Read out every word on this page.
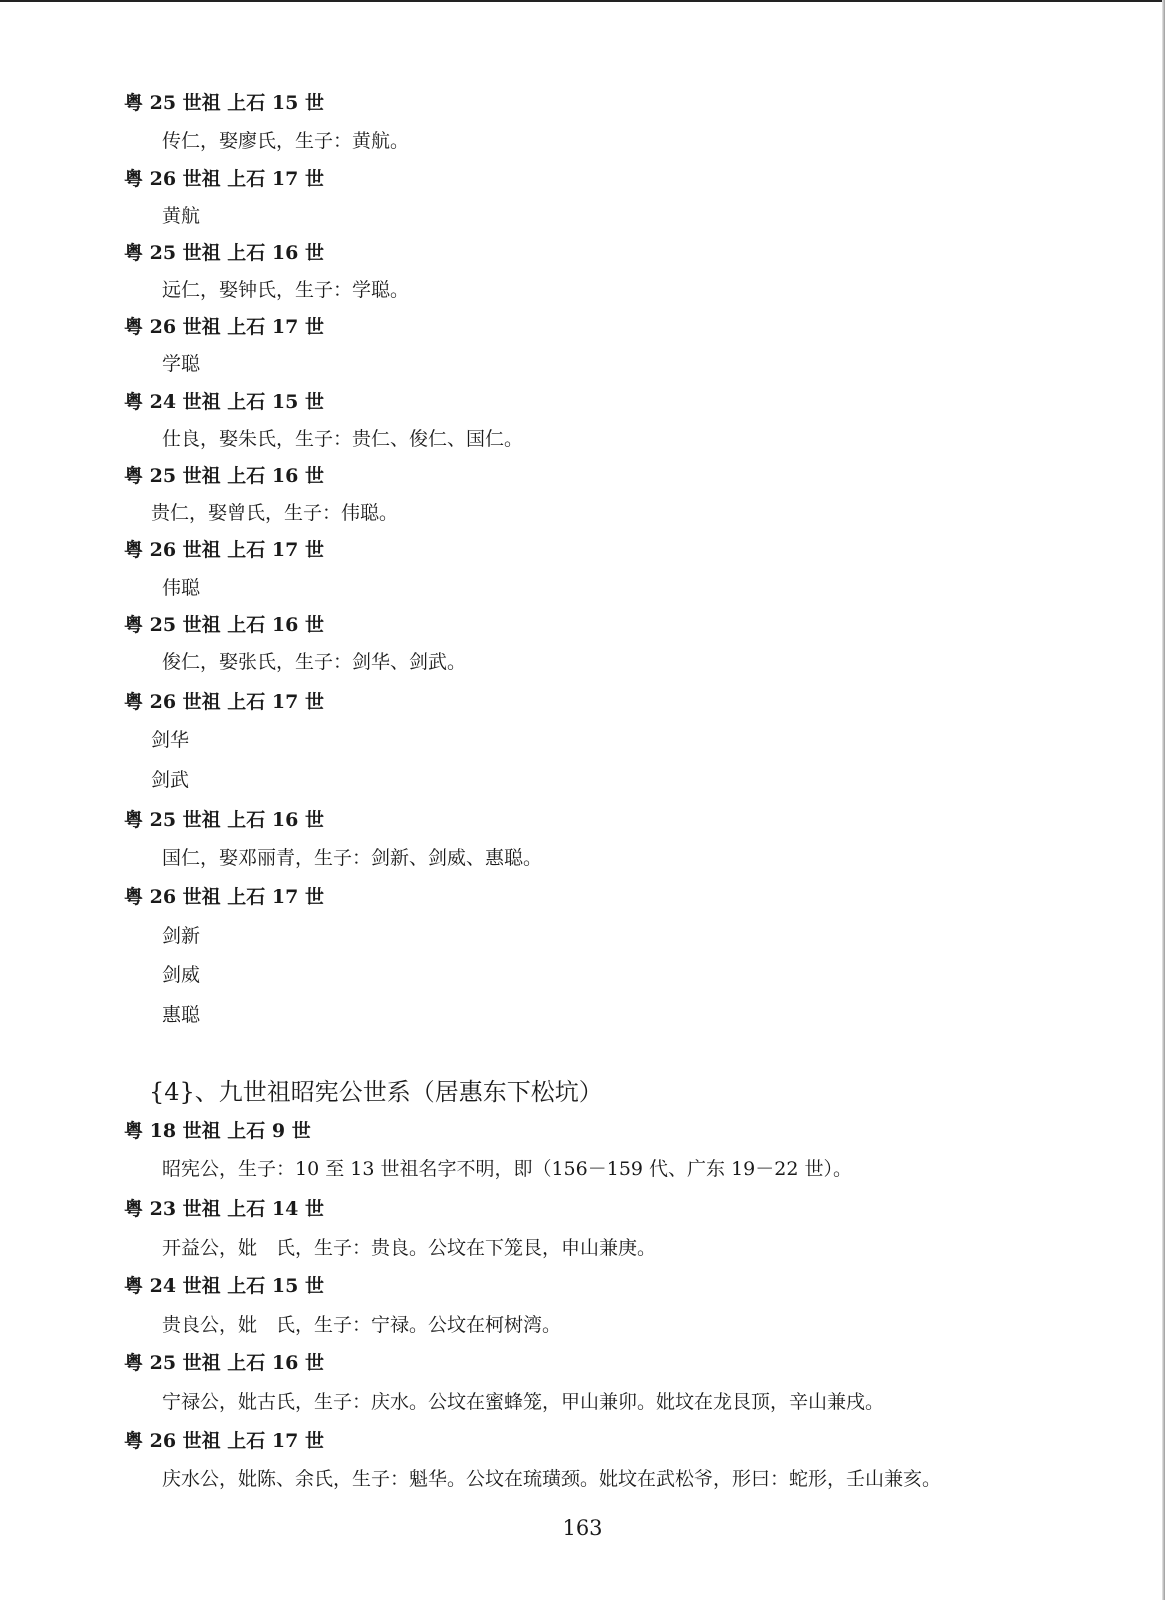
粤 25 世祖 上石 15 世
传仁，娶廖氏，生子：黄航。
粤 26 世祖 上石 17 世
黄航
粤 25 世祖 上石 16 世
远仁，娶钟氏，生子：学聪。
粤 26 世祖 上石 17 世
学聪
粤 24 世祖 上石 15 世
仕良，娶朱氏，生子：贵仁、俊仁、国仁。
粤 25 世祖 上石 16 世
贵仁，娶曾氏，生子：伟聪。
粤 26 世祖 上石 17 世
伟聪
粤 25 世祖 上石 16 世
俊仁，娶张氏，生子：剑华、剑武。
粤 26 世祖 上石 17 世
剑华
剑武
粤 25 世祖 上石 16 世
国仁，娶邓丽青，生子：剑新、剑威、惠聪。
粤 26 世祖 上石 17 世
剑新
剑威
惠聪
{4}、九世祖昭宪公世系（居惠东下松坑）
粤 18 世祖 上石 9 世
昭宪公，生子：10 至 13 世祖名字不明，即（156－159 代、广东 19－22 世）。
粤 23 世祖 上石 14 世
开益公，妣　氏，生子：贵良。公坟在下笼艮，申山兼庚。
粤 24 世祖 上石 15 世
贵良公，妣　氏，生子：宁禄。公坟在柯树湾。
粤 25 世祖 上石 16 世
宁禄公，妣古氏，生子：庆水。公坟在蜜蜂笼，甲山兼卯。妣坟在龙艮顶，辛山兼戌。
粤 26 世祖 上石 17 世
庆水公，妣陈、余氏，生子：魁华。公坟在琉璜颈。妣坟在武松爷，形曰：蛇形，壬山兼亥。
163
